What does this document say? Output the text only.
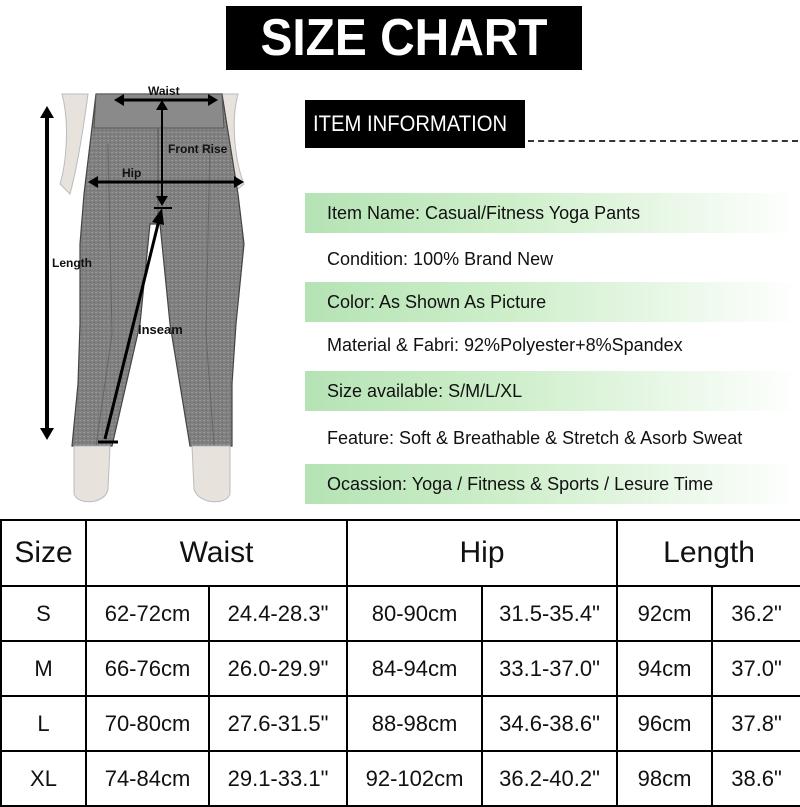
SIZE CHART
Waist
Front Rise
Hip
Length
Inseam
ITEM INFORMATION
Item Name: Casual/Fitness Yoga Pants
Condition: 100% Brand New
Color: As Shown As Picture
Material & Fabri: 92%Polyester+8%Spandex
Size available: S/M/L/XL
Feature: Soft & Breathable & Stretch & Asorb Sweat
Ocassion: Yoga / Fitness & Sports / Lesure Time
Size	Waist		Hip		Length	
S	62-72cm	24.4-28.3"	80-90cm	31.5-35.4"	92cm	36.2"
M	66-76cm	26.0-29.9"	84-94cm	33.1-37.0"	94cm	37.0"
L	70-80cm	27.6-31.5"	88-98cm	34.6-38.6"	96cm	37.8"
XL	74-84cm	29.1-33.1"	92-102cm	36.2-40.2"	98cm	38.6"
